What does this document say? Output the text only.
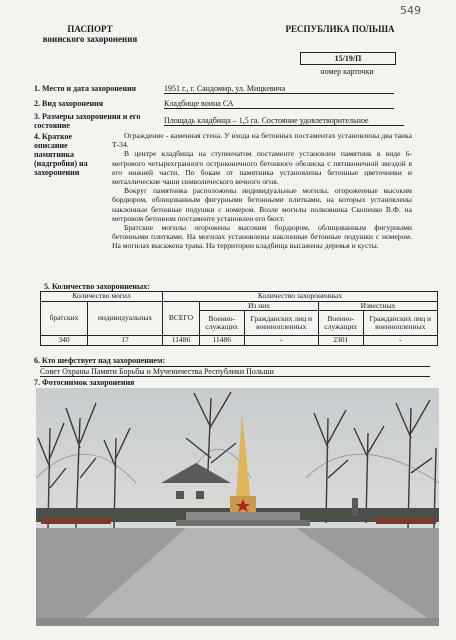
549
ПАСПОРТ
воинского захоронения
РЕСПУБЛИКА ПОЛЬША
15/19/П
номер карточки
1. Место и дата захоронения	1951 г., г. Сандомир, ул. Мицкевича
2. Вид захоронения	Кладбище воина СА
3. Размеры захоронения и его состояние
Площадь кладбища – 1,5 га. Состояние удовлетворительное
4. Краткое описание памятника (надгробия) на захоронении

Ограждение - каменная стена. У входа на бетонных постаментах установлены два танка Т-34.

В центре кладбища на ступенчатом постаменте установлен памятник в виде 6-метрового четырехгранного остроконечного бетонного обелиска с пятиконечной звездой в его нижней части. По бокам от памятника установлены бетонные цветочники и металлические чаши символического вечного огня.

Вокруг памятника расположены индивидуальные могилы, огороженные высоким бордюром, облицованным фигурными бетонными плитками, на которых установлены наклонные бетонные подушки с номером. Возле могилы полковника Скопенко В.Ф. на метровом бетонном постаменте установлен его бюст.

Братские могилы огорожены высоким бордюром, облицованным фигурными бетонными плитками. На могилах установлены наклонные бетонные подушки с номером. На могилах высажена трава. На территории кладбища высажены деревья и кусты.

5. Количество захоронненых:
Количество могил		Количество захороненных				
братских	индивидуальных	ВСЕГО	Из них		Известных	
			Военно-служащих	Гражданских лиц и военнопленных	Военно-служащих	Гражданских лиц и военнопленных
340	17	11486	11486	-	2301	-
6. Кто шефствует над захоронением:
Совет Охраны Памяти Борьбы и Мученичества Республики Польши
7. Фотоснимок захоронения
